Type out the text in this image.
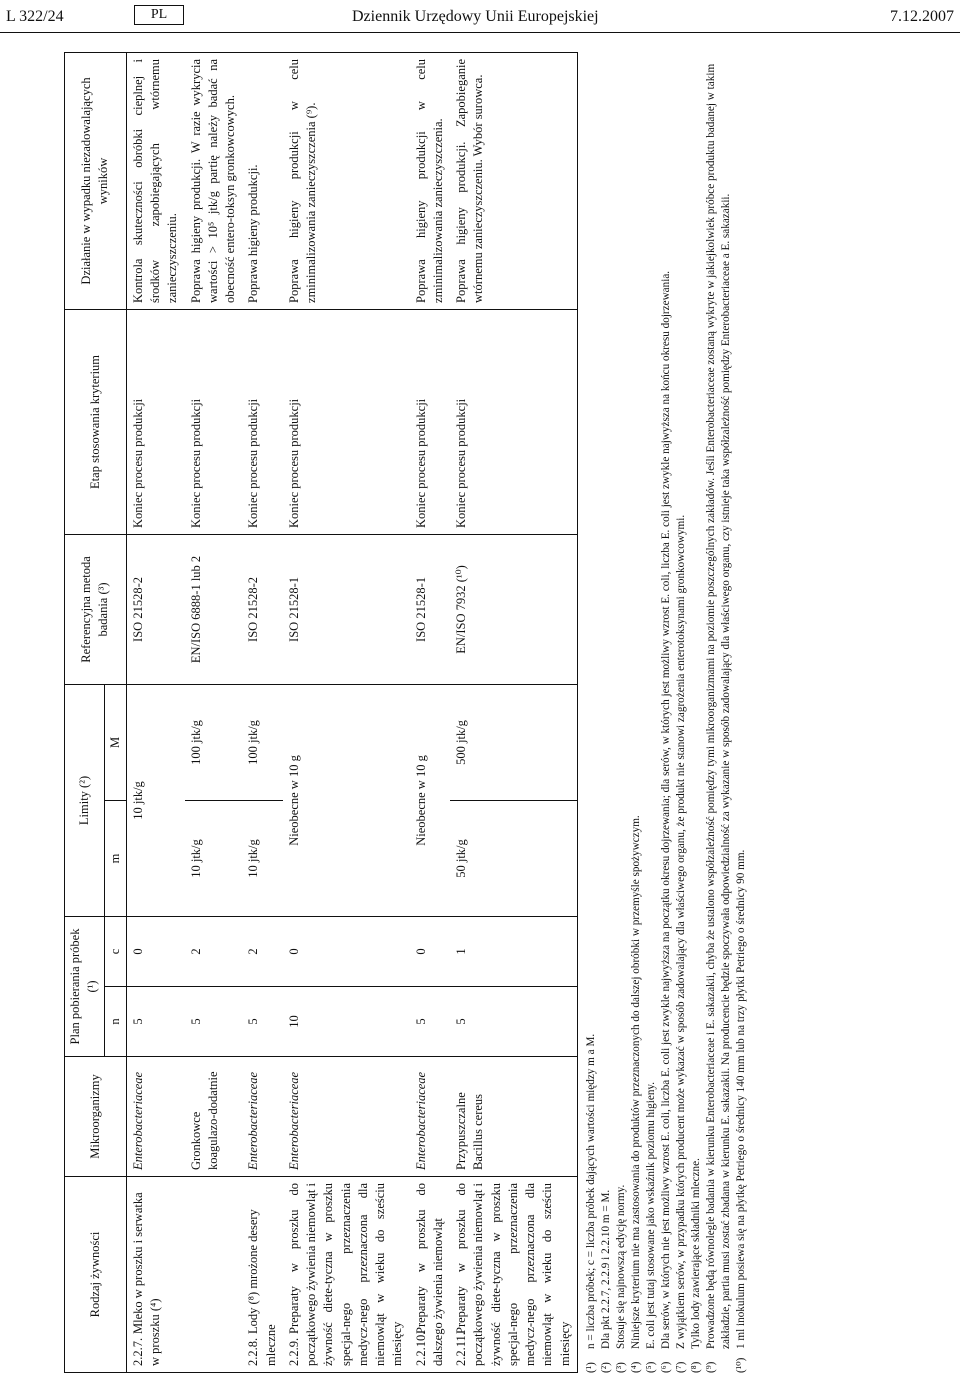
L 322/24	PL	Dziennik Urzędowy Unii Europejskiej	7.12.2007
Rodzaj żywności	Mikroorganizmy	Plan pobierania próbek (¹)		Limity (²)		Referencyjna metoda badania (³)	Etap stosowania kryterium	Działanie w wypadku niezadowalających wyników
		n	c	m	M			
2.2.7.Mleko w proszku i serwatka w proszku (⁴)	Enterobacteriaceae	5	0	10 jtk/g		ISO 21528-2	Koniec procesu produkcji	Kontrola skuteczności obróbki cieplnej i środków zapobiegających wtórnemu zanieczyszczeniu.
	Gronkowce koagulazo-dodatnie	5	2	10 jtk/g	100 jtk/g	EN/ISO 6888-1 lub 2	Koniec procesu produkcji	Poprawa higieny produkcji. W razie wykrycia wartości > 10⁵ jtk/g partię należy badać na obecność entero-toksyn gronkowcowych.
2.2.8.Lody (⁸) mrożone desery mleczne	Enterobacteriaceae	5	2	10 jtk/g	100 jtk/g	ISO 21528-2	Koniec procesu produkcji	Poprawa higieny produkcji.
2.2.9.Preparaty w proszku do początkowego żywienia niemowląt i żywność diete-tyczna w proszku specjal-nego przeznaczenia medycz-nego przeznaczona dla niemowląt w wieku do sześciu miesięcy	Enterobacteriaceae	10	0	Nieobecne w 10 g		ISO 21528-1	Koniec procesu produkcji	Poprawa higieny produkcji w celu zminimalizowania zanieczyszczenia (⁹).
2.2.10.Preparaty w proszku do dalszego żywienia niemowląt	Enterobacteriaceae	5	0	Nieobecne w 10 g		ISO 21528-1	Koniec procesu produkcji	Poprawa higieny produkcji w celu zminimalizowania zanieczyszczenia.
2.2.11.Preparaty w proszku do początkowego żywienia niemowląt i żywność diete-tyczna w proszku specjal-nego przeznaczenia medycz-nego przeznaczona dla niemowląt w wieku do sześciu miesięcy	Przypuszczalne Bacillus cereus	5	1	50 jtk/g	500 jtk/g	EN/ISO 7932 (¹⁰)	Koniec procesu produkcji	Poprawa higieny produkcji. Zapobieganie wtórnemu zanieczyszczeniu. Wybór surowca.
(¹)
n = liczba próbek; c = liczba próbek dających wartości między m a M.
(²)
Dla pkt 2.2.7, 2.2.9 i 2.2.10 m = M.
(³)
Stosuje się najnowszą edycję normy.
(⁴)
Niniejsze kryterium nie ma zastosowania do produktów przeznaczonych do dalszej obróbki w przemyśle spożywczym.
(⁵)
E. coli jest tutaj stosowane jako wskaźnik poziomu higieny.
(⁶)
Dla serów, w których nie jest możliwy wzrost E. coli, liczba E. coli jest zwykle najwyższa na początku okresu dojrzewania; dla serów, w których jest możliwy wzrost E. coli, liczba E. coli jest zwykle najwyższa na końcu okresu dojrzewania.
(⁷)
Z wyjątkiem serów, w przypadku których producent może wykazać w sposób zadowalający dla właściwego organu, że produkt nie stanowi zagrożenia enterotoksynami gronkowcowymi.
(⁸)
Tylko lody zawierające składniki mleczne.
(⁹)
Prowadzone będą równolegle badania w kierunku Enterobacteriaceae i E. sakazakii, chyba że ustalono współzależność pomiędzy tymi mikroorganizmami na poziomie poszczególnych zakładów. Jeśli Enterobacteriaceae zostaną wykryte w jakiejkolwiek próbce produktu badanej w takim zakładzie, partia musi zostać zbadana w kierunku E. sakazakii. Na producencie będzie spoczywała odpowiedzialność za wykazanie w sposób zadowalający dla właściwego organu, czy istnieje taka współzależność pomiędzy Enterobacteriaceae a E. sakazakii.
(¹⁰)
1 ml inokulum posiewa się na płytkę Petriego o średnicy 140 mm lub na trzy płytki Petriego o średnicy 90 mm.
